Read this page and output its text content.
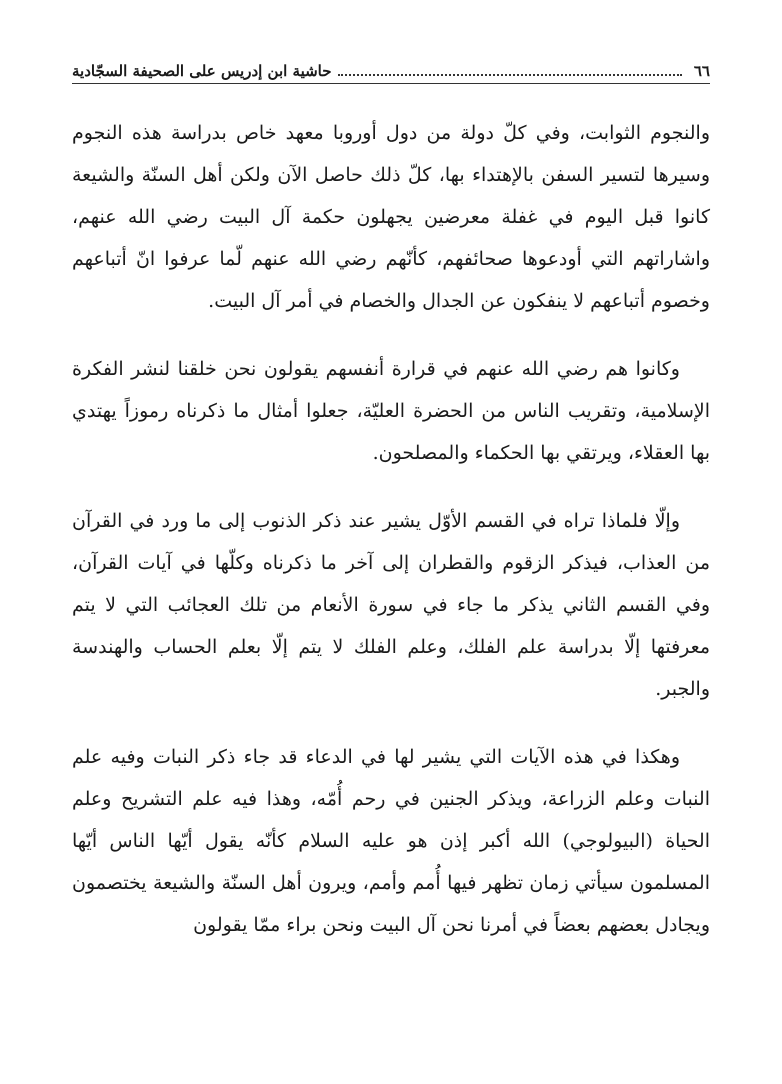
٦٦
حاشية ابن إدريس على الصحيفة السجّادية

والنجوم الثوابت، وفي كلّ دولة من دول أوروبا معهد خاص بدراسة هذه النجوم وسيرها لتسير السفن بالإهتداء بها، كلّ ذلك حاصل الآن ولكن أهل السنّة والشيعة كانوا قبل اليوم في غفلة معرضين يجهلون حكمة آل البيت رضي الله عنهم، واشاراتهم التي أودعوها صحائفهم، كأنّهم رضي الله عنهم لّما عرفوا انّ أتباعهم وخصوم أتباعهم لا ينفكون عن الجدال والخصام في أمر آل البيت.

وكانوا هم رضي الله عنهم في قرارة أنفسهم يقولون نحن خلقنا لنشر الفكرة الإسلامية، وتقريب الناس من الحضرة العليّة، جعلوا أمثال ما ذكرناه رموزاً يهتدي بها العقلاء، ويرتقي بها الحكماء والمصلحون.

وإلّا فلماذا تراه في القسم الأوّل يشير عند ذكر الذنوب إلى ما ورد في القرآن من العذاب، فيذكر الزقوم والقطران إلى آخر ما ذكرناه وكلّها في آيات القرآن، وفي القسم الثاني يذكر ما جاء في سورة الأنعام من تلك العجائب التي لا يتم معرفتها إلّا بدراسة علم الفلك، وعلم الفلك لا يتم إلّا بعلم الحساب والهندسة والجبر.

وهكذا في هذه الآيات التي يشير لها في الدعاء قد جاء ذكر النبات وفيه علم النبات وعلم الزراعة، ويذكر الجنين في رحم أُمّه، وهذا فيه علم التشريح وعلم الحياة (البيولوجي) الله أكبر إذن هو عليه السلام كأنّه يقول أيّها الناس أيّها المسلمون سيأتي زمان تظهر فيها أُمم وأمم، ويرون أهل السنّة والشيعة يختصمون ويجادل بعضهم بعضاً في أمرنا نحن آل البيت ونحن براء ممّا يقولون
